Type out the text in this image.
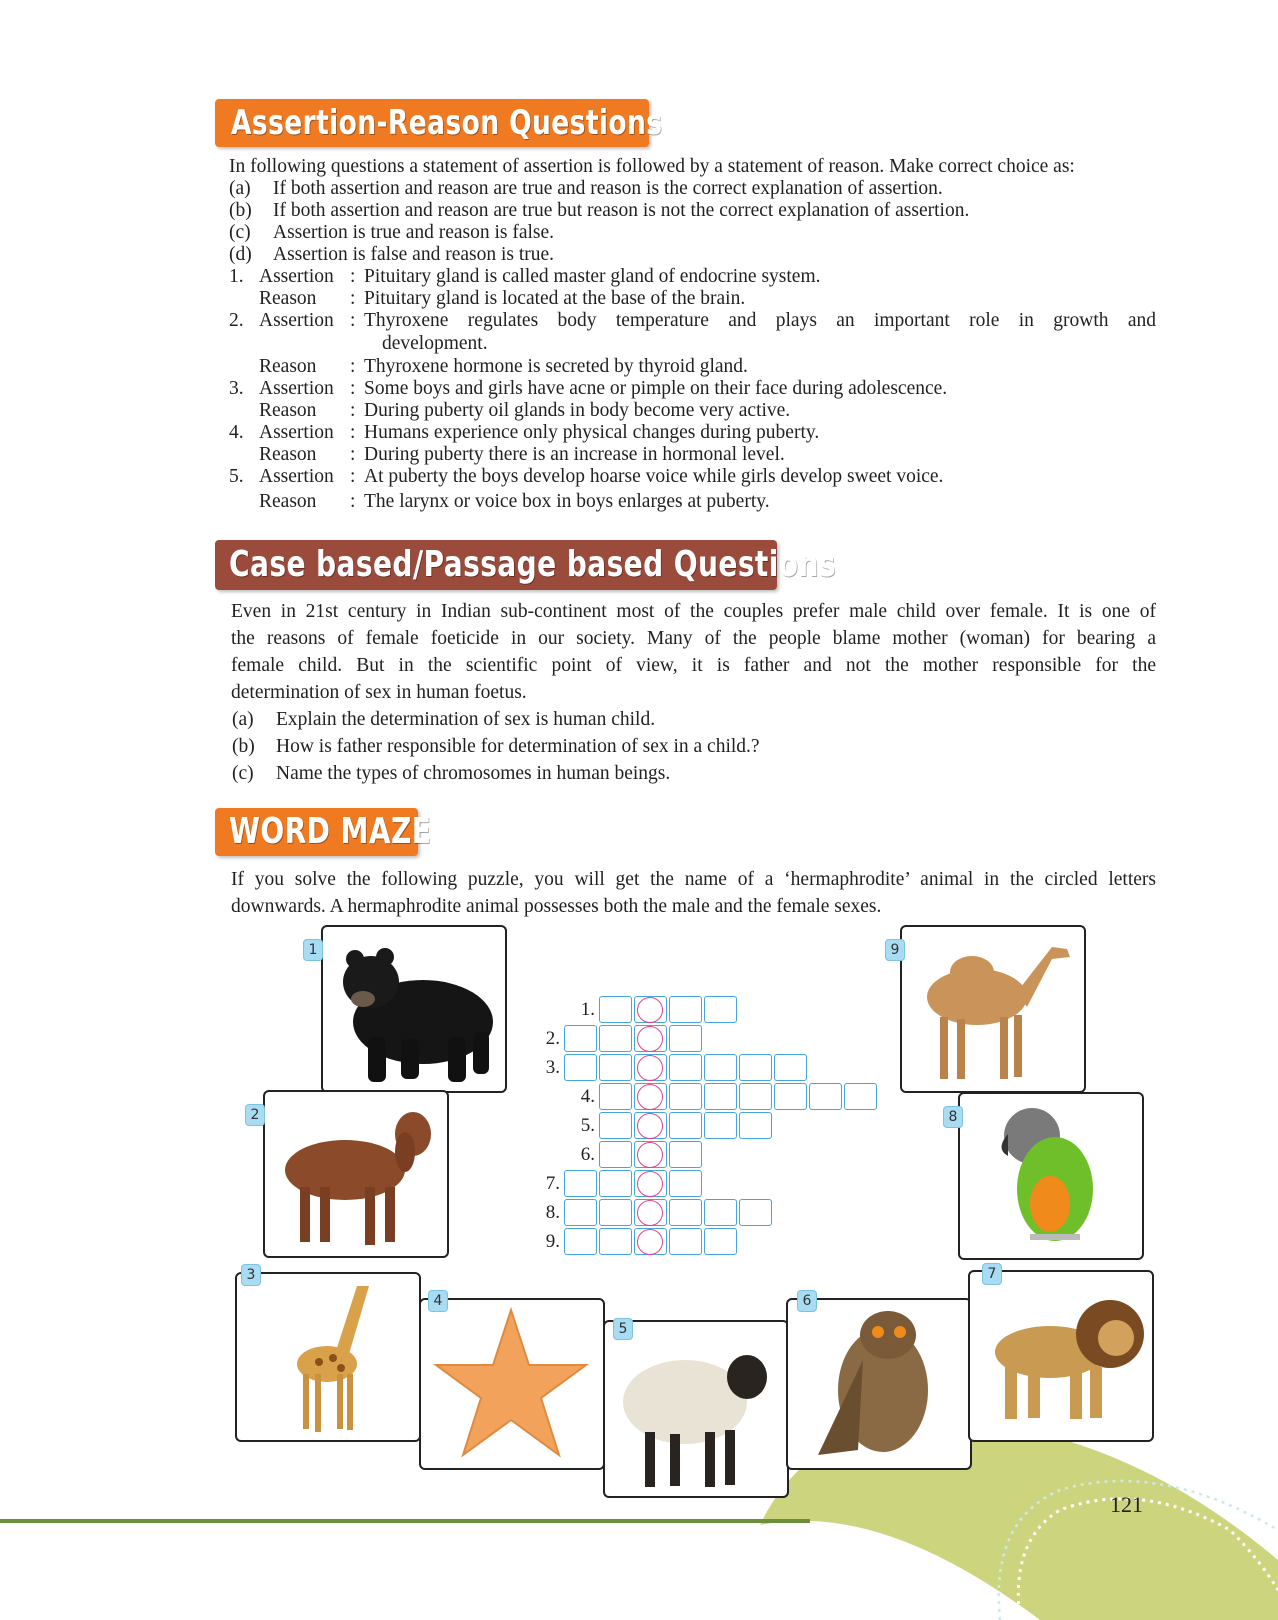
Assertion-Reason Questions
In following questions a statement of assertion is followed by a statement of reason. Make correct choice as:
(a) If both assertion and reason are true and reason is the correct explanation of assertion.
(b) If both assertion and reason are true but reason is not the correct explanation of assertion.
(c) Assertion is true and reason is false.
(d) Assertion is false and reason is true.
1. Assertion : Pituitary gland is called master gland of endocrine system.
Reason : Pituitary gland is located at the base of the brain.
2. Assertion : Thyroxene regulates body temperature and plays an important role in growth and
development.
Reason : Thyroxene hormone is secreted by thyroid gland.
3. Assertion : Some boys and girls have acne or pimple on their face during adolescence.
Reason : During puberty oil glands in body become very active.
4. Assertion : Humans experience only physical changes during puberty.
Reason : During puberty there is an increase in hormonal level.
5. Assertion : At puberty the boys develop hoarse voice while girls develop sweet voice.
Reason : The larynx or voice box in boys enlarges at puberty.
Case based/Passage based Questions
Even in 21st century in Indian sub-continent most of the couples prefer male child over female. It is one of
the reasons of female foeticide in our society. Many of the people blame mother (woman) for bearing a
female child. But in the scientific point of view, it is father and not the mother responsible for the
determination of sex in human foetus.
(a) Explain the determination of sex is human child.
(b) How is father responsible for determination of sex in a child.?
(c) Name the types of chromosomes in human beings.
WORD MAZE
If you solve the following puzzle, you will get the name of a ‘hermaphrodite’ animal in the circled letters
downwards. A hermaphrodite animal possesses both the male and the female sexes.
1
2
3
4
5
6
7
8
9
1.
2.
3.
4.
5.
6.
7.
8.
9.
121
